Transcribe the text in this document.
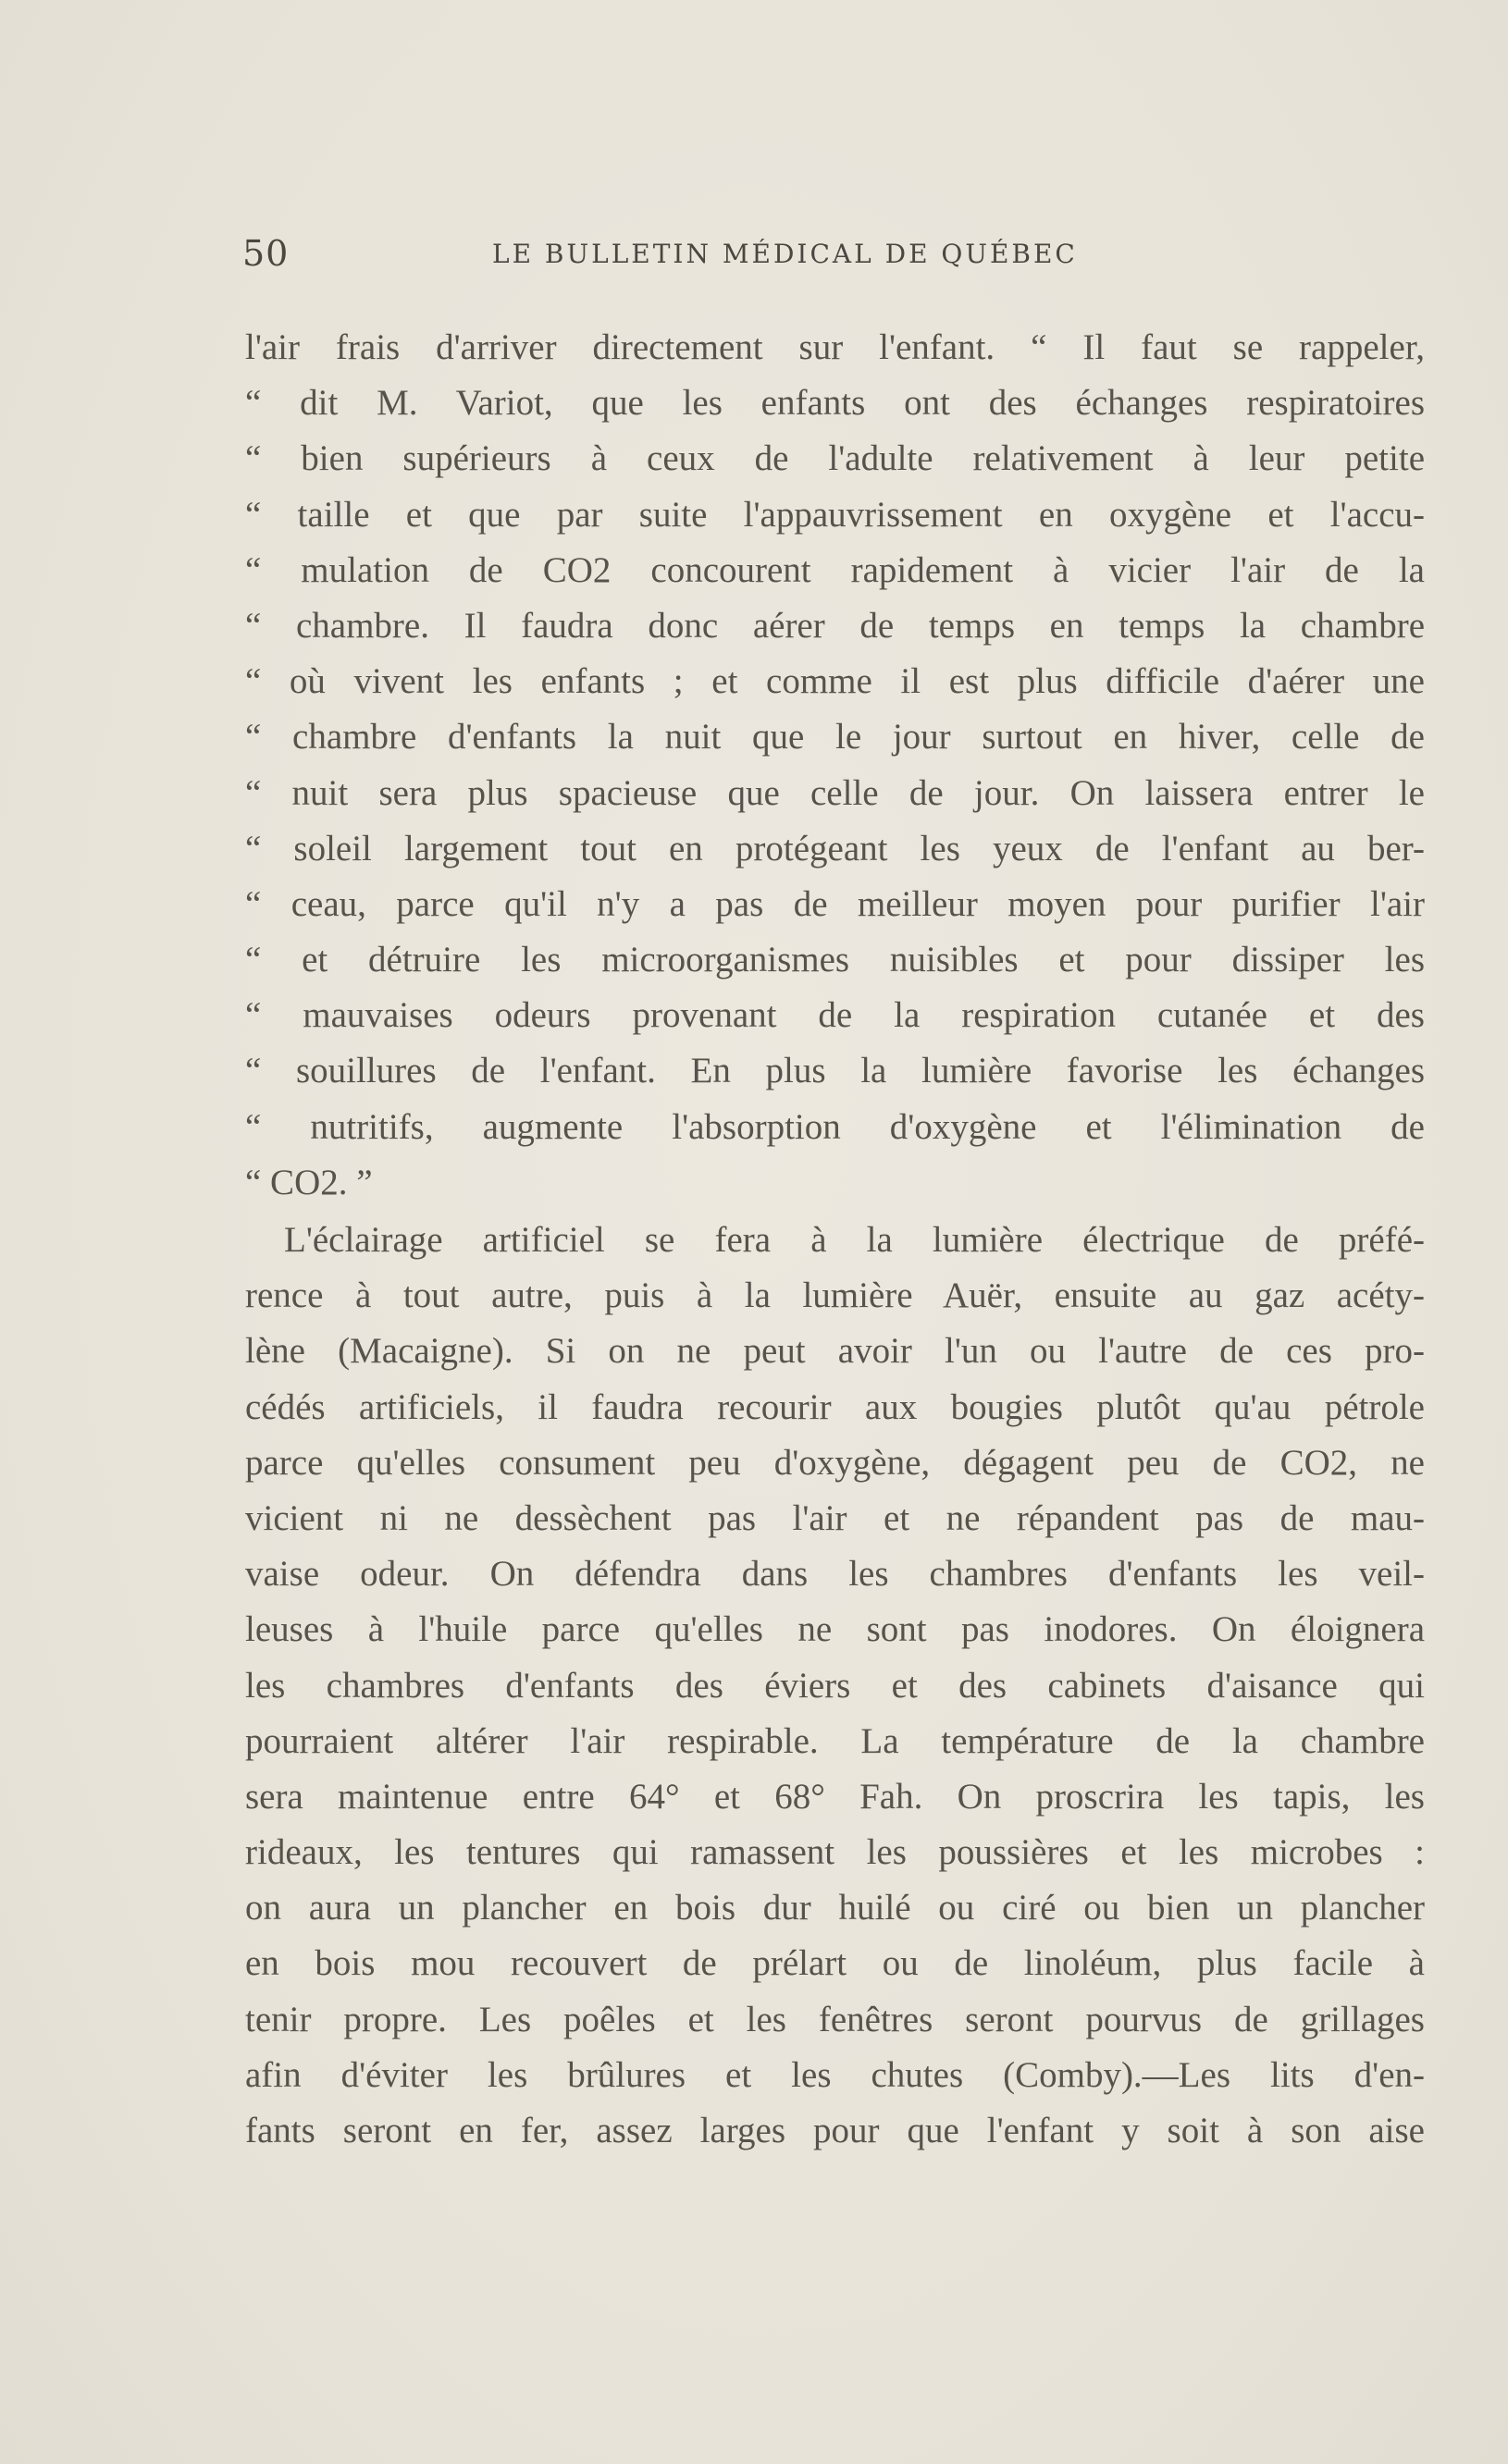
50	LE BULLETIN MÉDICAL DE QUÉBEC
l'air frais d'arriver directement sur l'enfant. “ Il faut se rappeler,
“ dit M. Variot, que les enfants ont des échanges respiratoires
“ bien supérieurs à ceux de l'adulte relativement à leur petite
“ taille et que par suite l'appauvrissement en oxygène et l'accu-
“ mulation de CO2 concourent rapidement à vicier l'air de la
“ chambre. Il faudra donc aérer de temps en temps la chambre
“ où vivent les enfants ; et comme il est plus difficile d'aérer une
“ chambre d'enfants la nuit que le jour surtout en hiver, celle de
“ nuit sera plus spacieuse que celle de jour. On laissera entrer le
“ soleil largement tout en protégeant les yeux de l'enfant au ber-
“ ceau, parce qu'il n'y a pas de meilleur moyen pour purifier l'air
“ et détruire les microorganismes nuisibles et pour dissiper les
“ mauvaises odeurs provenant de la respiration cutanée et des
“ souillures de l'enfant. En plus la lumière favorise les échanges
“ nutritifs, augmente l'absorption d'oxygène et l'élimination de
“ CO2. ”
L'éclairage artificiel se fera à la lumière électrique de préfé-
rence à tout autre, puis à la lumière Auër, ensuite au gaz acéty-
lène (Macaigne). Si on ne peut avoir l'un ou l'autre de ces pro-
cédés artificiels, il faudra recourir aux bougies plutôt qu'au pétrole
parce qu'elles consument peu d'oxygène, dégagent peu de CO2, ne
vicient ni ne dessèchent pas l'air et ne répandent pas de mau-
vaise odeur. On défendra dans les chambres d'enfants les veil-
leuses à l'huile parce qu'elles ne sont pas inodores. On éloignera
les chambres d'enfants des éviers et des cabinets d'aisance qui
pourraient altérer l'air respirable. La température de la chambre
sera maintenue entre 64° et 68° Fah. On proscrira les tapis, les
rideaux, les tentures qui ramassent les poussières et les microbes :
on aura un plancher en bois dur huilé ou ciré ou bien un plancher
en bois mou recouvert de prélart ou de linoléum, plus facile à
tenir propre. Les poêles et les fenêtres seront pourvus de grillages
afin d'éviter les brûlures et les chutes (Comby).—Les lits d'en-
fants seront en fer, assez larges pour que l'enfant y soit à son aise
